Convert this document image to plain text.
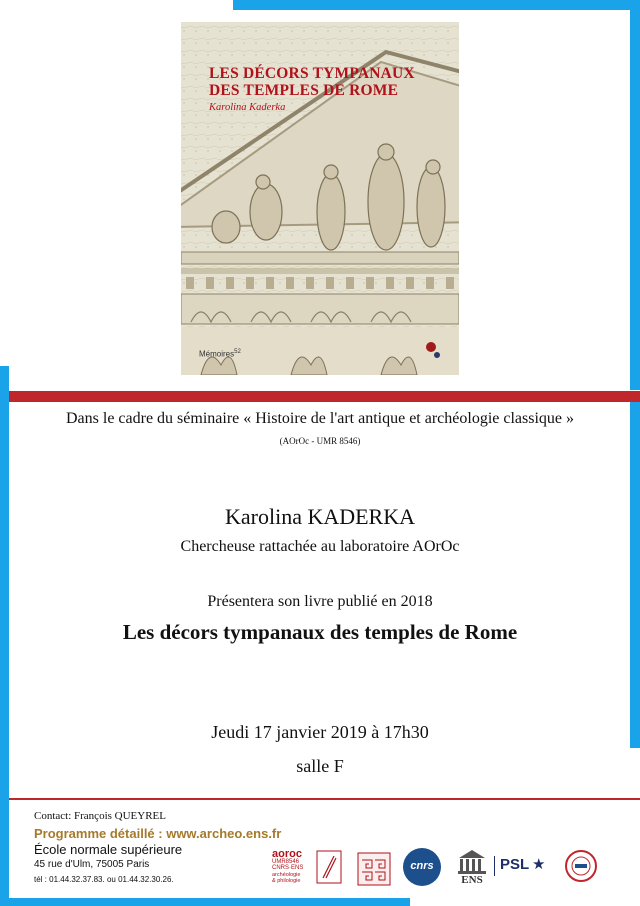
LES DÉCORS TYMPANAUX
DES TEMPLES DE ROME
Karolina Kaderka
Mémoires$^{52}$
Dans le cadre du séminaire « Histoire de l'art antique et archéologie classique »
(AOrOc - UMR 8546)
Karolina KADERKA
Chercheuse rattachée au laboratoire AOrOc
Présentera son livre publié en 2018
Les décors tympanaux des temples de Rome
Jeudi 17 janvier 2019 à 17h30
salle F
Contact: François QUEYREL
Programme détaillé : www.archeo.ens.fr
École normale supérieure
45 rue d'Ulm, 75005 Paris
tél : 01.44.32.37.83. ou 01.44.32.30.26.
aoroc
UMR8546
CNRS·ENS
archéologie
& philologie
cnrs
ENS
PSL ★
